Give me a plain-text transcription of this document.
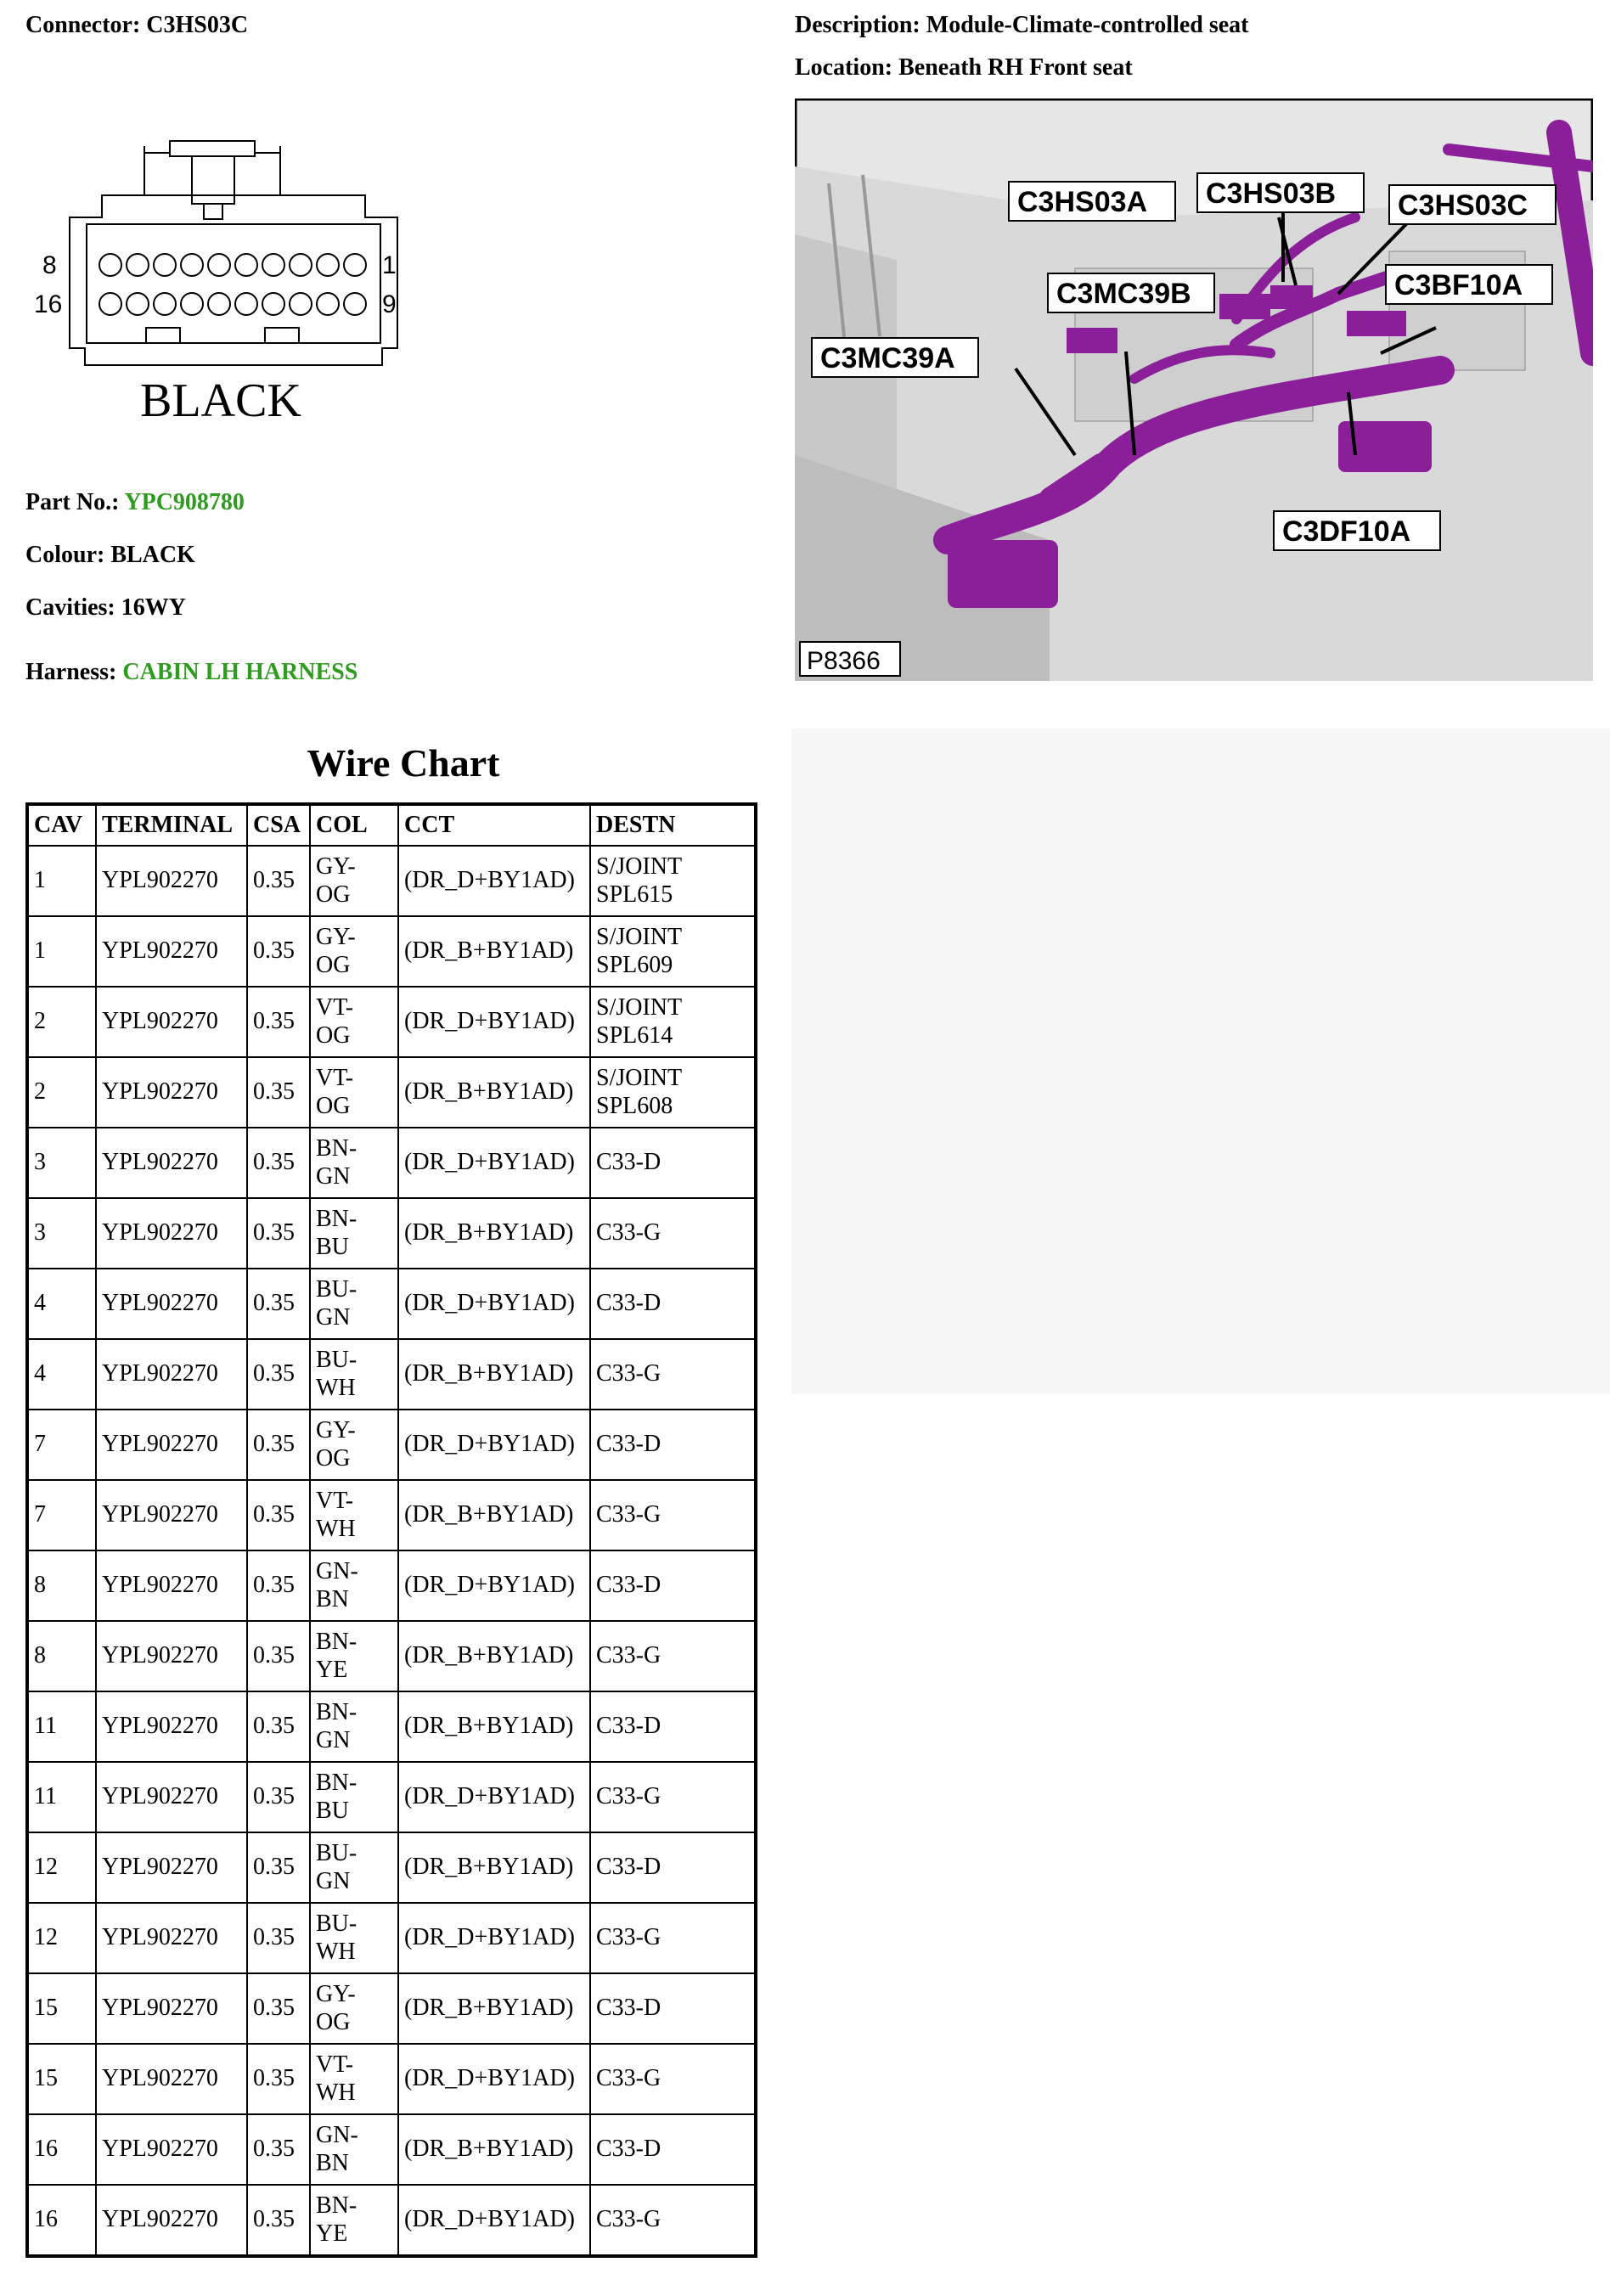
Connector: C3HS03C	Description: Module-Climate-controlled seat
Location: Beneath RH Front seat
8	1
16	9
BLACK
Part No.: YPC908780
Colour: BLACK
Cavities: 16WY
Harness: CABIN LH HARNESS
C3HS03A C3HS03B C3HS03C
C3MC39B	C3BF10A
C3MC39A
C3DF10A
P8366
Wire Chart
CAV	TERMINAL	CSA	COL	CCT	DESTN
1	YPL902270	0.35	GY-
OG	(DR_D+BY1AD)	S/JOINT
SPL615

1	YPL902270	0.35	GY-
OG	(DR_B+BY1AD)	S/JOINT
SPL609

2	YPL902270	0.35	VT-
OG	(DR_D+BY1AD)	S/JOINT
SPL614

2	YPL902270	0.35	VT-
OG	(DR_B+BY1AD)	S/JOINT
SPL608

3	YPL902270	0.35	BN-
GN	(DR_D+BY1AD)	C33-D

3	YPL902270	0.35	BN-
BU	(DR_B+BY1AD)	C33-G

4	YPL902270	0.35	BU-
GN	(DR_D+BY1AD)	C33-D

4	YPL902270	0.35	BU-
WH	(DR_B+BY1AD)	C33-G

7	YPL902270	0.35	GY-
OG	(DR_D+BY1AD)	C33-D

7	YPL902270	0.35	VT-
WH	(DR_B+BY1AD)	C33-G

8	YPL902270	0.35	GN-
BN	(DR_D+BY1AD)	C33-D

8	YPL902270	0.35	BN-
YE	(DR_B+BY1AD)	C33-G

11	YPL902270	0.35	BN-
GN	(DR_B+BY1AD)	C33-D

11	YPL902270	0.35	BN-
BU	(DR_D+BY1AD)	C33-G

12	YPL902270	0.35	BU-
GN	(DR_B+BY1AD)	C33-D

12	YPL902270	0.35	BU-
WH	(DR_D+BY1AD)	C33-G

15	YPL902270	0.35	GY-
OG	(DR_B+BY1AD)	C33-D

15	YPL902270	0.35	VT-
WH	(DR_D+BY1AD)	C33-G

16	YPL902270	0.35	GN-
BN	(DR_B+BY1AD)	C33-D

16	YPL902270	0.35	BN-
YE	(DR_D+BY1AD)	C33-G
